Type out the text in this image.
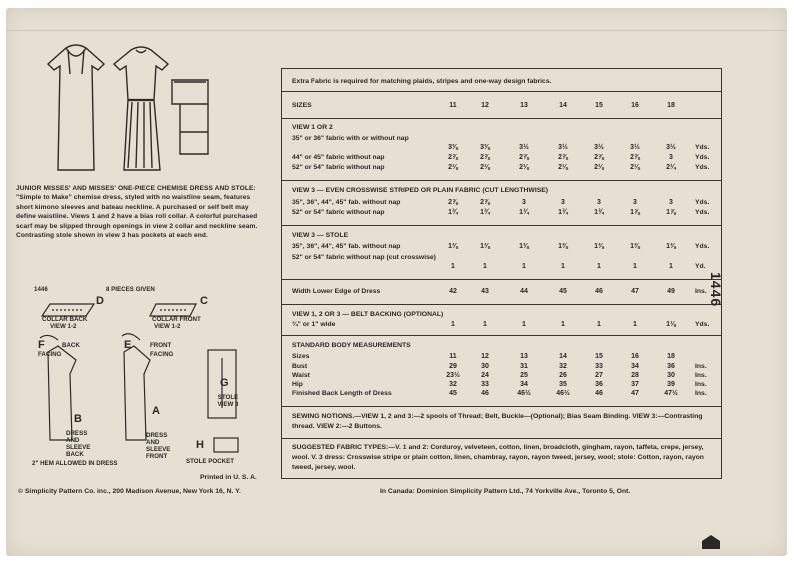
JUNIOR MISSES' AND MISSES' ONE-PIECE CHEMISE DRESS AND STOLE: "Simple to Make" chemise dress, styled with no waistline seam, features short kimono sleeves and bateau neckline. A purchased or self belt may define waistline. Views 1 and 2 have a bias roll collar. A colorful purchased scarf may be slipped through openings in view 2 collar and neckline seam. Contrasting stole shown in view 3 has pockets at each end.
1446	8 PIECES GIVEN
D
COLLAR BACK
VIEW 1-2
C
COLLAR FRONT
VIEW 1-2
F	BACK
FACING
E	FRONT
FACING
B
DRESS AND SLEEVE BACK
A
DRESS AND SLEEVE FRONT
G
STOLE VIEW 3
H
STOLE POCKET
2" HEM ALLOWED IN DRESS
Printed in U. S. A.
Extra Fabric is required for matching plaids, stripes and one-way design fabrics.
SIZES	11	12	13	14	15	16	18
VIEW 1 OR 2
35" or 36" fabric with or without nap
3⅜	3⅜	3½	3½	3½	3½	3½	Yds.
44" or 45" fabric without nap	2⅞	2⅞	2⅞	2⅞	2⅞	2⅞	3	Yds.
52" or 54" fabric without nap	2⅛	2⅛	2⅛	2⅛	2⅛	2⅛	2¼	Yds.
VIEW 3 — EVEN CROSSWISE STRIPED OR PLAIN FABRIC (CUT LENGTHWISE)
35", 36", 44", 45" fab. without nap	2⅞	2⅞	3	3	3	3	3	Yds.
52" or 54" fabric without nap	1¾	1¾	1¾	1¾	1¾	1⅞	1⅞	Yds.
VIEW 3 — STOLE
35", 36", 44", 45" fab. without nap	1⅜	1⅜	1⅜	1⅜	1⅜	1⅜	1⅜	Yds.
52" or 54" fabric without nap (cut crosswise)
1	1	1	1	1	1	1	Yd.
Width Lower Edge of Dress	42	43	44	45	46	47	49	Ins.
VIEW 1, 2 OR 3 — BELT BACKING (OPTIONAL)
¾" or 1" wide	1	1	1	1	1	1	1⅛	Yds.
STANDARD BODY MEASUREMENTS
Sizes	11	12	13	14	15	16	18
Bust	29	30	31	32	33	34	36	Ins.
Waist	23½	24	25	26	27	28	30	Ins.
Hip	32	33	34	35	36	37	39	Ins.
Finished Back Length of Dress	45	46	46½	46½	46	47	47½	Ins.
SEWING NOTIONS.—VIEW 1, 2 and 3:—2 spools of Thread; Belt, Buckle—(Optional); Bias Seam Binding. VIEW 3:—Contrasting thread. VIEW 2:—2 Buttons.
SUGGESTED FABRIC TYPES:—V. 1 and 2: Corduroy, velveteen, cotton, linen, broadcloth, gingham, rayon, taffeta, crepe, jersey, wool. V. 3 dress: Crosswise stripe or plain cotton, linen, chambray, rayon, rayon tweed, jersey, wool; stole: Cotton, rayon, rayon tweed, jersey, wool.
1446
© Simplicity Pattern Co. inc., 200 Madison Avenue, New York 16, N. Y.	In Canada: Dominion Simplicity Pattern Ltd., 74 Yorkville Ave., Toronto 5, Ont.
